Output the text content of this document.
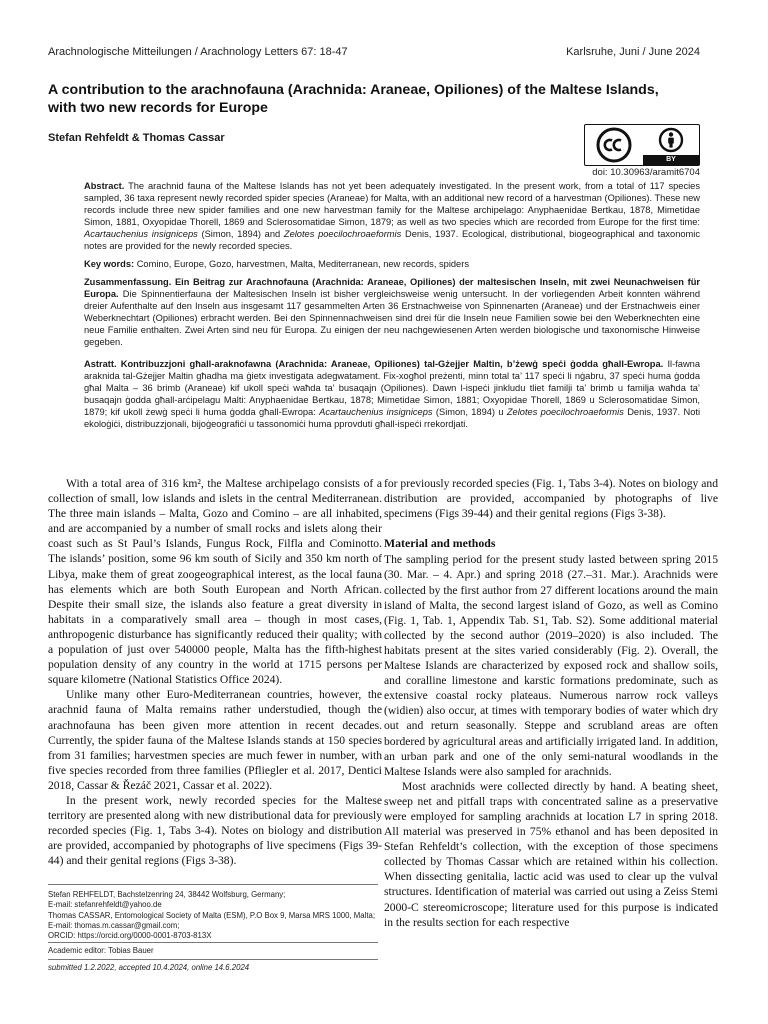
Arachnologische Mitteilungen / Arachnology Letters 67: 18-47	Karlsruhe, Juni / June 2024
A contribution to the arachnofauna (Arachnida: Araneae, Opiliones) of the Maltese Islands, with two new records for Europe
Stefan Rehfeldt & Thomas Cassar
BY
doi: 10.30963/aramit6704
Abstract. The arachnid fauna of the Maltese Islands has not yet been adequately investigated. In the present work, from a total of 117 species sampled, 36 taxa represent newly recorded spider species (Araneae) for Malta, with an additional new record of a harvestman (Opiliones). These new records include three new spider families and one new harvestman family for the Maltese archipelago: Anyphaenidae Bertkau, 1878, Mimetidae Simon, 1881, Oxyopidae Thorell, 1869 and Sclerosomatidae Simon, 1879; as well as two species which are recorded from Europe for the first time: Acartauchenius insigniceps (Simon, 1894) and Zelotes poecilochroaeformis Denis, 1937. Ecological, distributional, biogeographical and taxonomic notes are provided for the newly recorded species.
Key words: Comino, Europe, Gozo, harvestmen, Malta, Mediterranean, new records, spiders
Zusammenfassung. Ein Beitrag zur Arachnofauna (Arachnida: Araneae, Opiliones) der maltesischen Inseln, mit zwei Neunachweisen für Europa. Die Spinnentierfauna der Maltesischen Inseln ist bisher vergleichsweise wenig untersucht. In der vorliegenden Arbeit konnten während dreier Aufenthalte auf den Inseln aus insgesamt 117 gesammelten Arten 36 Erstnachweise von Spinnenarten (Araneae) und der Erstnachweis einer Weberknechtart (Opiliones) erbracht werden. Bei den Spinnennachweisen sind drei für die Inseln neue Familien sowie bei den Weberknechten eine neue Familie enthalten. Zwei Arten sind neu für Europa. Zu einigen der neu nachgewiesenen Arten werden biologische und taxonomische Hinweise gegeben.
Astratt. Kontribuzzjoni għall-araknofawna (Arachnida: Araneae, Opiliones) tal-Gżejjer Maltin, b’żewġ speċi ġodda għall-Ewropa. Il-fawna araknida tal-Gżejjer Maltin għadha ma ġietx investigata adegwatament. Fix-xogħol preżenti, minn total ta’ 117 speċi li nġabru, 37 speċi huma ġodda għal Malta – 36 brimb (Araneae) kif ukoll speċi waħda ta’ busaqajn (Opiliones). Dawn l-ispeċi jinkludu tliet familji ta’ brimb u familja waħda ta’ busaqajn ġodda għall-arċipelagu Malti: Anyphaenidae Bertkau, 1878; Mimetidae Simon, 1881; Oxyopidae Thorell, 1869 u Sclerosomatidae Simon, 1879; kif ukoll żewġ speċi li huma ġodda għall-Ewropa: Acartauchenius insigniceps (Simon, 1894) u Zelotes poecilochroaeformis Denis, 1937. Noti ekoloġiċi, distribuzzjonali, bijoġeografiċi u tassonomiċi huma pprovduti għall-ispeċi rrekordjati.

With a total area of 316 km², the Maltese archipelago consists of a collection of small, low islands and islets in the central Mediterranean. The three main islands – Malta, Gozo and Comino – are all inhabited, and are accompanied by a number of small rocks and islets along their coast such as St Paul’s Islands, Fungus Rock, Filfla and Cominotto. The islands’ position, some 96 km south of Sicily and 350 km north of Libya, make them of great zoogeographical interest, as the local fauna has elements which are both South European and North African. Despite their small size, the islands also feature a great diversity in habitats in a comparatively small area – though in most cases, anthropogenic disturbance has significantly reduced their quality; with a population of just over 540000 people, Malta has the fifth-highest population density of any country in the world at 1715 persons per square kilometre (National Statistics Office 2024).

Unlike many other Euro-Mediterranean countries, however, the arachnid fauna of Malta remains rather understudied, though the arachnofauna has been given more attention in recent decades. Currently, the spider fauna of the Maltese Islands stands at 150 species from 31 families; harvestmen species are much fewer in number, with five species recorded from three families (Pfliegler et al. 2017, Dentici 2018, Cassar & Řezáč 2021, Cassar et al. 2022).

In the present work, newly recorded species for the Maltese territory are presented along with new distributional data for previously recorded species (Fig. 1, Tabs 3-4). Notes on biology and distribution are provided, accompanied by photographs of live specimens (Figs 39-44) and their genital regions (Figs 3-38).

for previously recorded species (Fig. 1, Tabs 3-4). Notes on biology and distribution are provided, accompanied by photographs of live specimens (Figs 39-44) and their genital regions (Figs 3-38).

Material and methods

The sampling period for the present study lasted between spring 2015 (30. Mar. – 4. Apr.) and spring 2018 (27.–31. Mar.). Arachnids were collected by the first author from 27 different locations around the main island of Malta, the second largest island of Gozo, as well as Comino (Fig. 1, Tab. 1, Appendix Tab. S1, Tab. S2). Some additional material collected by the second author (2019–2020) is also included. The habitats present at the sites varied considerably (Fig. 2). Overall, the Maltese Islands are characterized by exposed rock and shallow soils, and coralline limestone and karstic formations predominate, such as extensive coastal rocky plateaus. Numerous narrow rock valleys (widien) also occur, at times with temporary bodies of water which dry out and return seasonally. Steppe and scrubland areas are often bordered by agricultural areas and artificially irrigated land. In addition, an urban park and one of the only semi-natural woodlands in the Maltese Islands were also sampled for arachnids.

Most arachnids were collected directly by hand. A beating sheet, sweep net and pitfall traps with concentrated saline as a preservative were employed for sampling arachnids at location L7 in spring 2018. All material was preserved in 75% ethanol and has been deposited in Stefan Rehfeldt’s collection, with the exception of those specimens collected by Thomas Cassar which are retained within his collection. When dissecting genitalia, lactic acid was used to clear up the vulval structures. Identification of material was carried out using a Zeiss Stemi 2000-C stereomicroscope; literature used for this purpose is indicated in the results section for each respective

Stefan REHFELDT, Bachstelzenring 24, 38442 Wolfsburg, Germany;
E-mail: stefanrehfeldt@yahoo.de
Thomas CASSAR, Entomological Society of Malta (ESM), P.O Box 9, Marsa MRS 1000, Malta; E-mail: thomas.m.cassar@gmail.com;
ORCID: https://orcid.org/0000-0001-8703-813X
Academic editor: Tobias Bauer
submitted 1.2.2022, accepted 10.4.2024, online 14.6.2024
